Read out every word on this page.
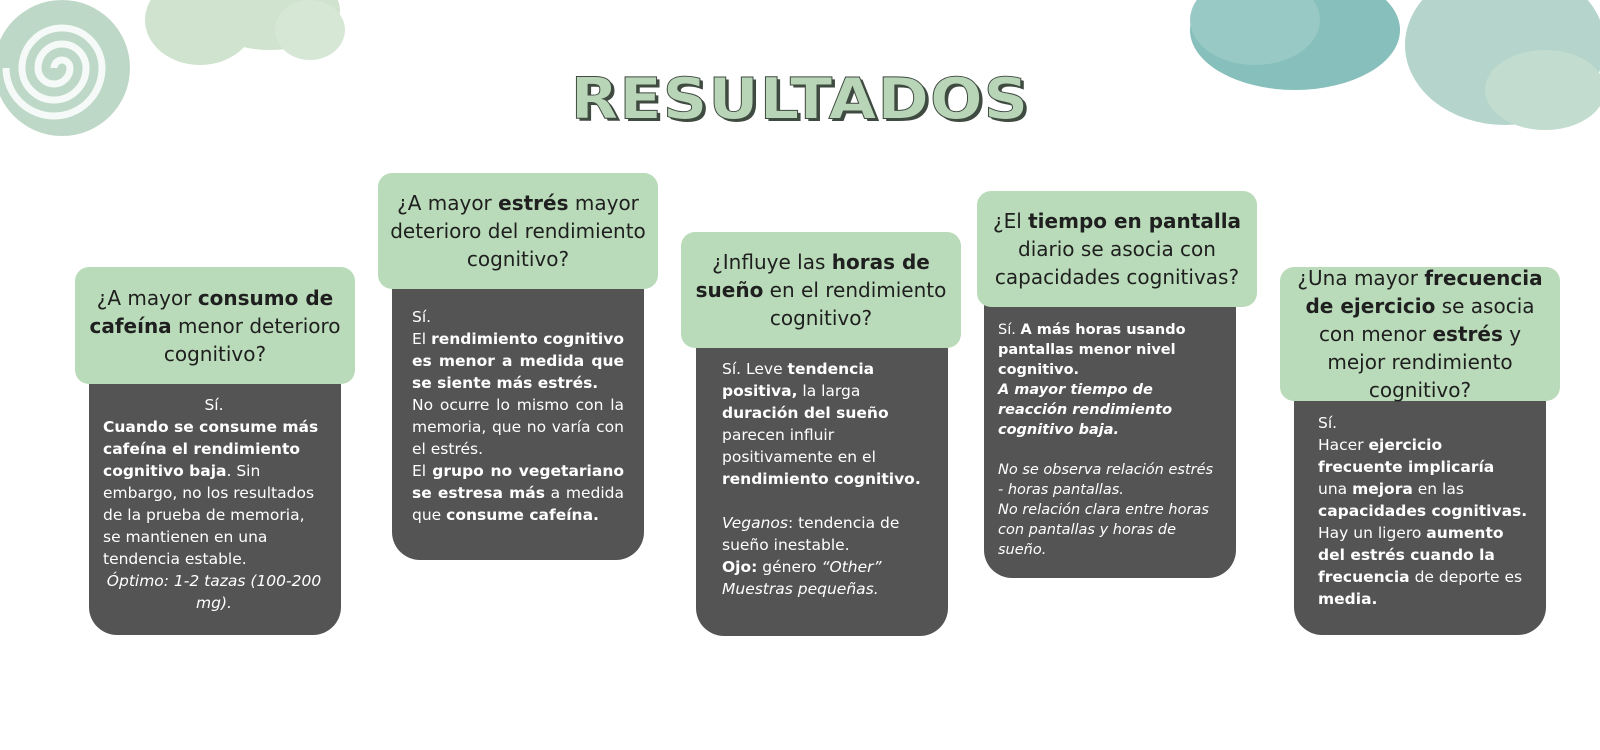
RESULTADOS

Sí.

Cuando se consume más cafeína el rendimiento cognitivo baja. Sin embargo, no los resultados de la prueba de memoria, se mantienen en una tendencia estable.

Óptimo: 1-2 tazas (100-200 mg).

¿A mayor consumo de cafeína menor deterioro cognitivo?

Sí.

El rendimiento cognitivo es menor a medida que se siente más estrés.

No ocurre lo mismo con la memoria, que no varía con el estrés.

El grupo no vegetariano se estresa más a medida que consume cafeína.

¿A mayor estrés mayor deterioro del rendimiento cognitivo?

Sí. Leve tendencia positiva, la larga duración del sueño parecen influir positivamente en el rendimiento cognitivo.

Veganos: tendencia de sueño inestable.

Ojo: género “Other”

Muestras pequeñas.

¿Influye las horas de sueño en el rendimiento cognitivo?	Sí. A más horas usando pantallas menor nivel cognitivo.

A mayor tiempo de reacción rendimiento cognitivo baja.

No se observa relación estrés - horas pantallas.

No relación clara entre horas con pantallas y horas de sueño.

¿El tiempo en pantalla diario se asocia con capacidades cognitivas?

Sí.

Hacer ejercicio frecuente implicaría una mejora en las capacidades cognitivas.

Hay un ligero aumento del estrés cuando la frecuencia de deporte es media.

¿Una mayor frecuencia de ejercicio se asocia con menor estrés y mejor rendimiento cognitivo?
